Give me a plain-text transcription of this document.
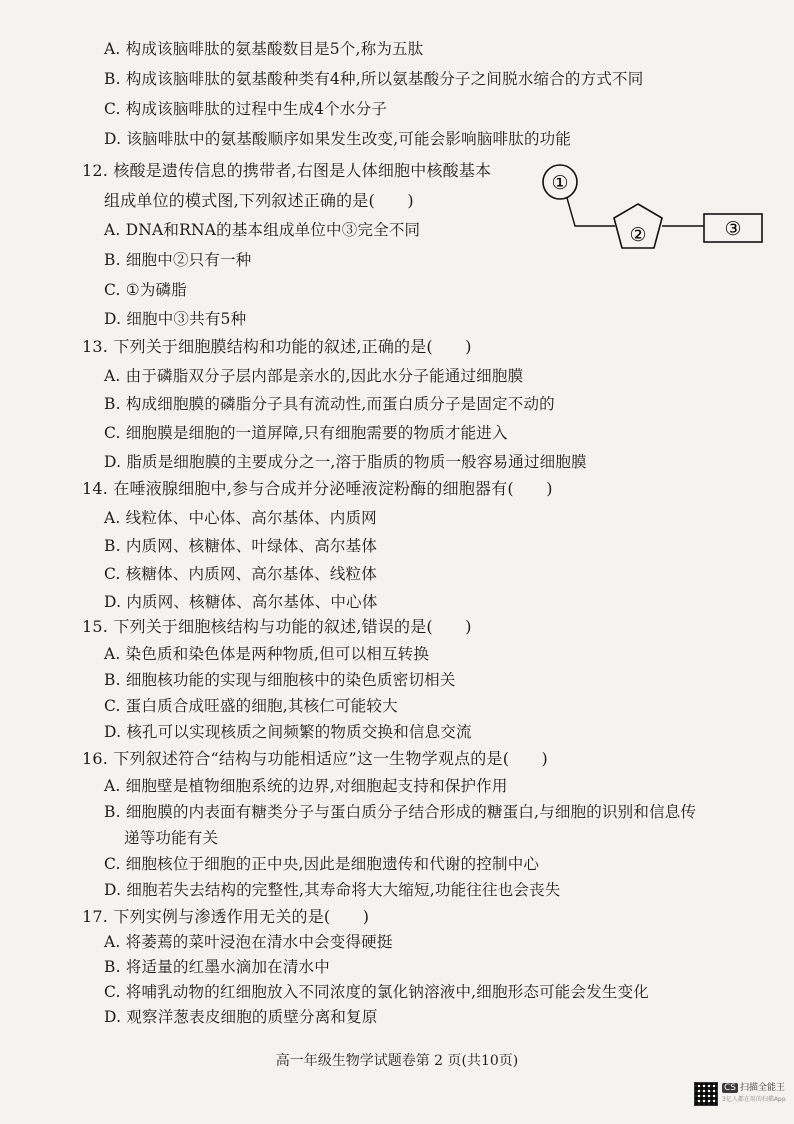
A. 构成该脑啡肽的氨基酸数目是5个,称为五肽
B. 构成该脑啡肽的氨基酸种类有4种,所以氨基酸分子之间脱水缩合的方式不同
C. 构成该脑啡肽的过程中生成4个水分子
D. 该脑啡肽中的氨基酸顺序如果发生改变,可能会影响脑啡肽的功能
12. 核酸是遗传信息的携带者,右图是人体细胞中核酸基本
组成单位的模式图,下列叙述正确的是(　　)
A. DNA和RNA的基本组成单位中③完全不同
B. 细胞中②只有一种
C. ①为磷脂
D. 细胞中③共有5种
①
②	③
13. 下列关于细胞膜结构和功能的叙述,正确的是(　　)
A. 由于磷脂双分子层内部是亲水的,因此水分子能通过细胞膜
B. 构成细胞膜的磷脂分子具有流动性,而蛋白质分子是固定不动的
C. 细胞膜是细胞的一道屏障,只有细胞需要的物质才能进入
D. 脂质是细胞膜的主要成分之一,溶于脂质的物质一般容易通过细胞膜
14. 在唾液腺细胞中,参与合成并分泌唾液淀粉酶的细胞器有(　　)
A. 线粒体、中心体、高尔基体、内质网
B. 内质网、核糖体、叶绿体、高尔基体
C. 核糖体、内质网、高尔基体、线粒体
D. 内质网、核糖体、高尔基体、中心体
15. 下列关于细胞核结构与功能的叙述,错误的是(　　)
A. 染色质和染色体是两种物质,但可以相互转换
B. 细胞核功能的实现与细胞核中的染色质密切相关
C. 蛋白质合成旺盛的细胞,其核仁可能较大
D. 核孔可以实现核质之间频繁的物质交换和信息交流
16. 下列叙述符合“结构与功能相适应”这一生物学观点的是(　　)
A. 细胞壁是植物细胞系统的边界,对细胞起支持和保护作用
B. 细胞膜的内表面有糖类分子与蛋白质分子结合形成的糖蛋白,与细胞的识别和信息传
递等功能有关
C. 细胞核位于细胞的正中央,因此是细胞遗传和代谢的控制中心
D. 细胞若失去结构的完整性,其寿命将大大缩短,功能往往也会丧失
17. 下列实例与渗透作用无关的是(　　)
A. 将萎蔫的菜叶浸泡在清水中会变得硬挺
B. 将适量的红墨水滴加在清水中
C. 将哺乳动物的红细胞放入不同浓度的氯化钠溶液中,细胞形态可能会发生变化
D. 观察洋葱表皮细胞的质壁分离和复原
高一年级生物学试题卷第 2 页(共10页)
CS 扫描全能王
3亿人都在用的扫描App
